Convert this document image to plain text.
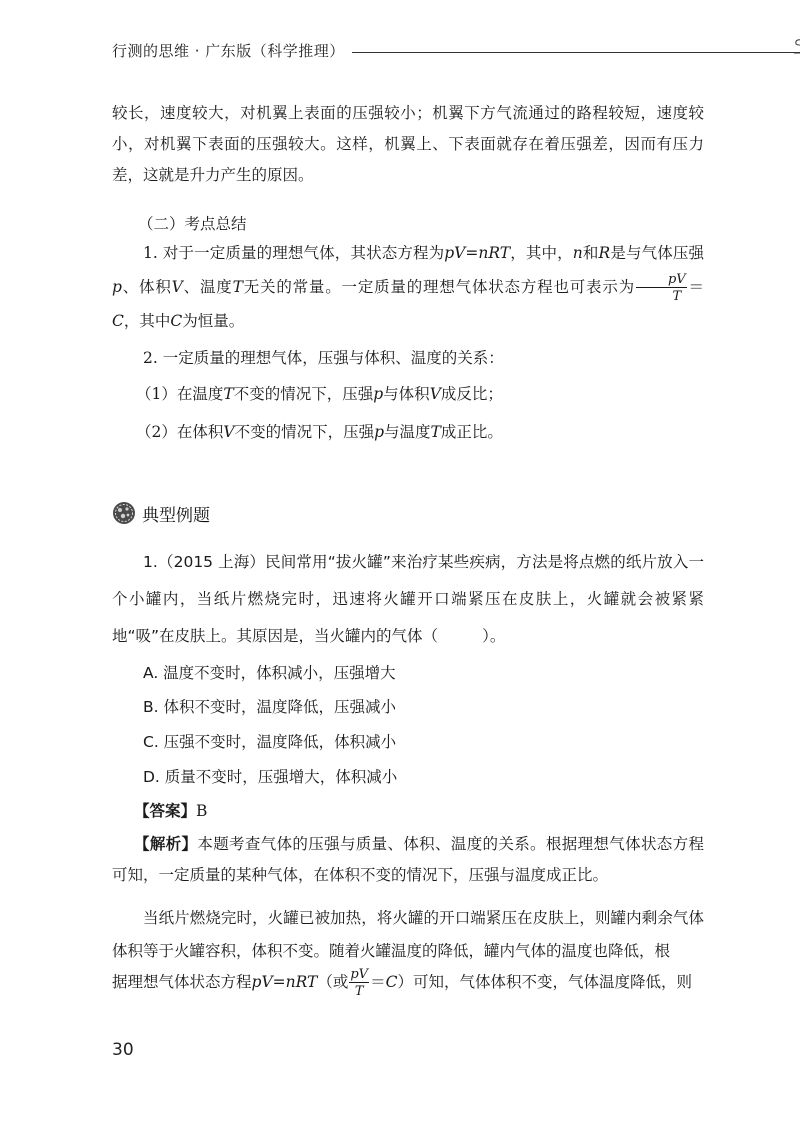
行测的思维 · 广东版（科学推理）

较长，速度较大，对机翼上表面的压强较小；机翼下方气流通过的路程较短，速度较小，对机翼下表面的压强较大。这样，机翼上、下表面就存在着压强差，因而有压力差，这就是升力产生的原因。

（二）考点总结

1. 对于一定质量的理想气体，其状态方程为pV=nRT，其中，n和R是与气体压强p、体积V、温度T无关的常量。一定质量的理想气体状态方程也可表示为 $\frac{pV}{T} =C$，其中C为恒量。

2. 一定质量的理想气体，压强与体积、温度的关系：

（1）在温度T不变的情况下，压强p与体积V成反比；

（2）在体积V不变的情况下，压强p与温度T成正比。

典型例题

1.（2015 上海）民间常用“拔火罐”来治疗某些疾病，方法是将点燃的纸片放入一个小罐内，当纸片燃烧完时，迅速将火罐开口端紧压在皮肤上，火罐就会被紧紧地“吸”在皮肤上。其原因是，当火罐内的气体（	）。

A. 温度不变时，体积减小，压强增大

B. 体积不变时，温度降低，压强减小

C. 压强不变时，温度降低，体积减小

D. 质量不变时，压强增大，体积减小

【答案】B

【解析】本题考查气体的压强与质量、体积、温度的关系。根据理想气体状态方程可知，一定质量的某种气体，在体积不变的情况下，压强与温度成正比。

当纸片燃烧完时，火罐已被加热，将火罐的开口端紧压在皮肤上，则罐内剩余气体体积等于火罐容积，体积不变。随着火罐温度的降低，罐内气体的温度也降低，根

据理想气体状态方程pV=nRT（或 $\frac{pV}{T} =C$）可知，气体体积不变，气体温度降低，则

30
